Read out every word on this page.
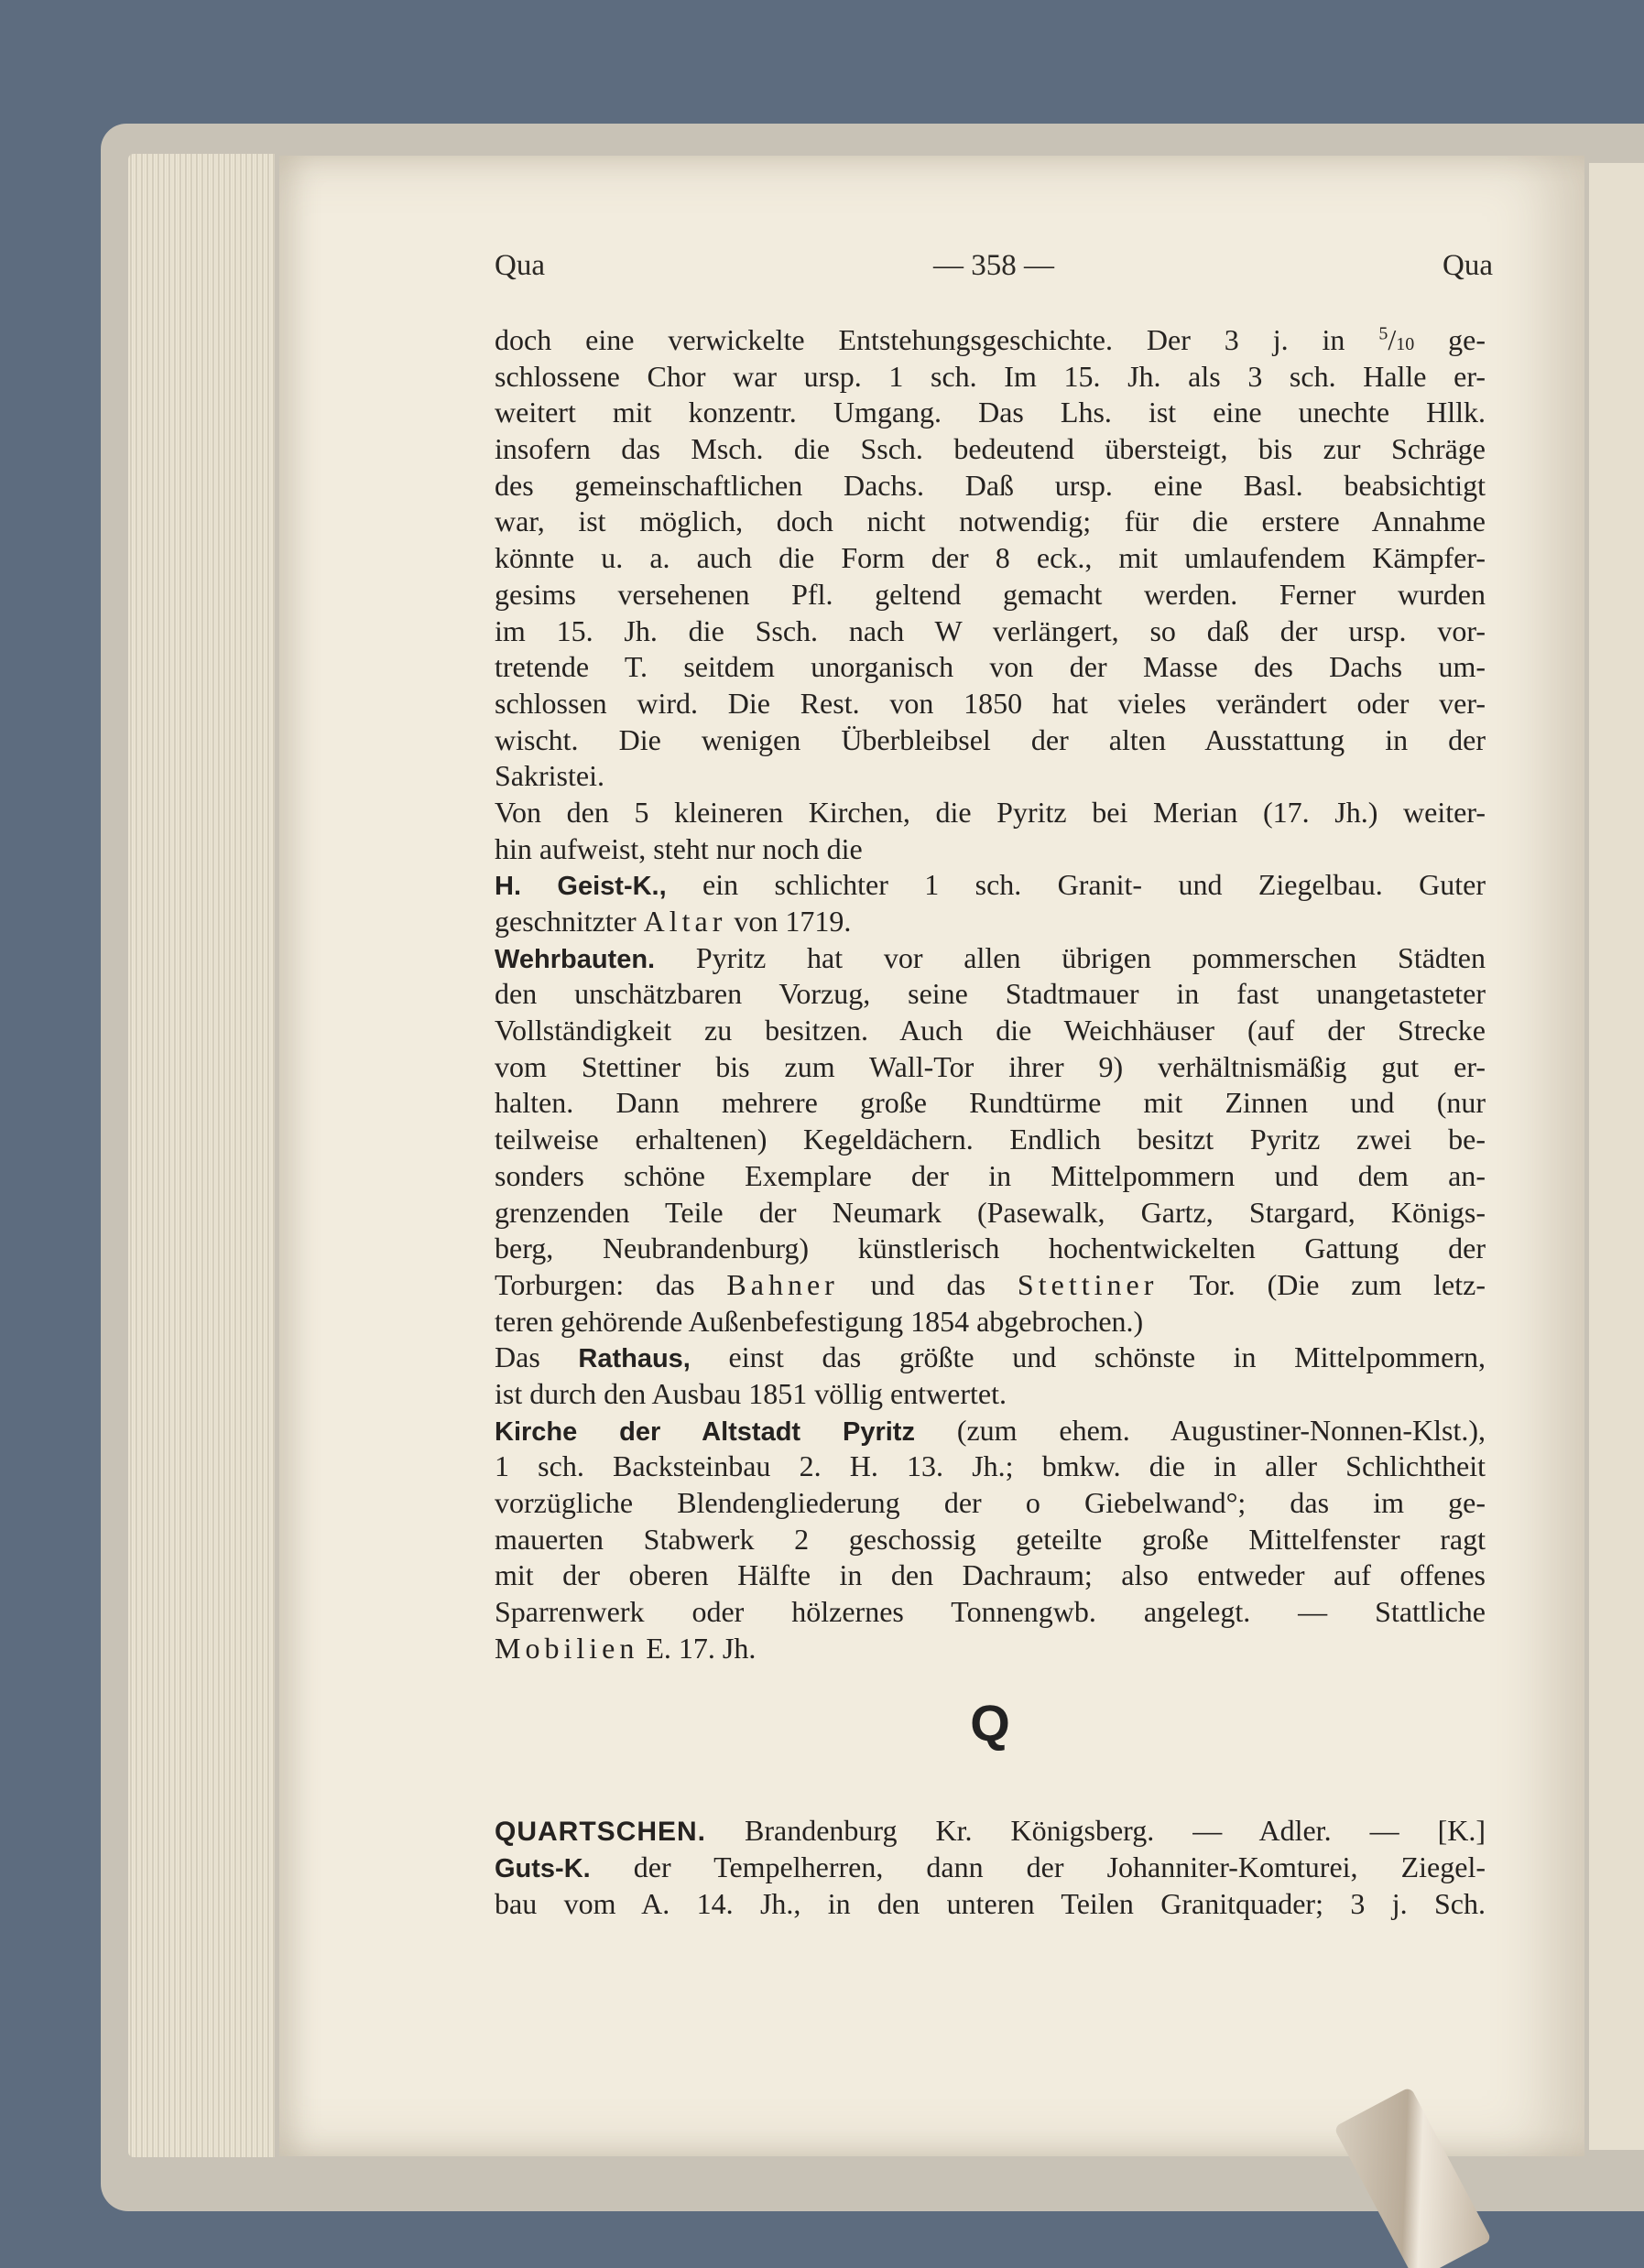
Qua	— 358 —	Qua
doch eine verwickelte Entstehungsgeschichte. Der 3 j. in $^5$/10 ge-
schlossene Chor war ursp. 1 sch. Im 15. Jh. als 3 sch. Halle er-
weitert mit konzentr. Umgang. Das Lhs. ist eine unechte Hllk.
insofern das Msch. die Ssch. bedeutend übersteigt, bis zur Schräge
des gemeinschaftlichen Dachs. Daß ursp. eine Basl. beabsichtigt
war, ist möglich, doch nicht notwendig; für die erstere Annahme
könnte u. a. auch die Form der 8 eck., mit umlaufendem Kämpfer-
gesims versehenen Pfl. geltend gemacht werden. Ferner wurden
im 15. Jh. die Ssch. nach W verlängert, so daß der ursp. vor-
tretende T. seitdem unorganisch von der Masse des Dachs um-
schlossen wird. Die Rest. von 1850 hat vieles verändert oder ver-
wischt. Die wenigen Überbleibsel der alten Ausstattung in der
Sakristei.
Von den 5 kleineren Kirchen, die Pyritz bei Merian (17. Jh.) weiter-
hin aufweist, steht nur noch die
H. Geist-K., ein schlichter 1 sch. Granit- und Ziegelbau. Guter
geschnitzter Altar von 1719.
Wehrbauten. Pyritz hat vor allen übrigen pommerschen Städten
den unschätzbaren Vorzug, seine Stadtmauer in fast unangetasteter
Vollständigkeit zu besitzen. Auch die Weichhäuser (auf der Strecke
vom Stettiner bis zum Wall-Tor ihrer 9) verhältnismäßig gut er-
halten. Dann mehrere große Rundtürme mit Zinnen und (nur
teilweise erhaltenen) Kegeldächern. Endlich besitzt Pyritz zwei be-
sonders schöne Exemplare der in Mittelpommern und dem an-
grenzenden Teile der Neumark (Pasewalk, Gartz, Stargard, Königs-
berg, Neubrandenburg) künstlerisch hochentwickelten Gattung der
Torburgen: das Bahner und das Stettiner Tor. (Die zum letz-
teren gehörende Außenbefestigung 1854 abgebrochen.)
Das Rathaus, einst das größte und schönste in Mittelpommern,
ist durch den Ausbau 1851 völlig entwertet.
Kirche der Altstadt Pyritz (zum ehem. Augustiner-Nonnen-Klst.),
1 sch. Backsteinbau 2. H. 13. Jh.; bmkw. die in aller Schlichtheit
vorzügliche Blendengliederung der o Giebelwand°; das im ge-
mauerten Stabwerk 2 geschossig geteilte große Mittelfenster ragt
mit der oberen Hälfte in den Dachraum; also entweder auf offenes
Sparrenwerk oder hölzernes Tonnengwb. angelegt. — Stattliche
Mobilien E. 17. Jh.
Q
QUARTSCHEN. Brandenburg Kr. Königsberg. — Adler. — [K.]
Guts-K. der Tempelherren, dann der Johanniter-Komturei, Ziegel-
bau vom A. 14. Jh., in den unteren Teilen Granitquader; 3 j. Sch.
